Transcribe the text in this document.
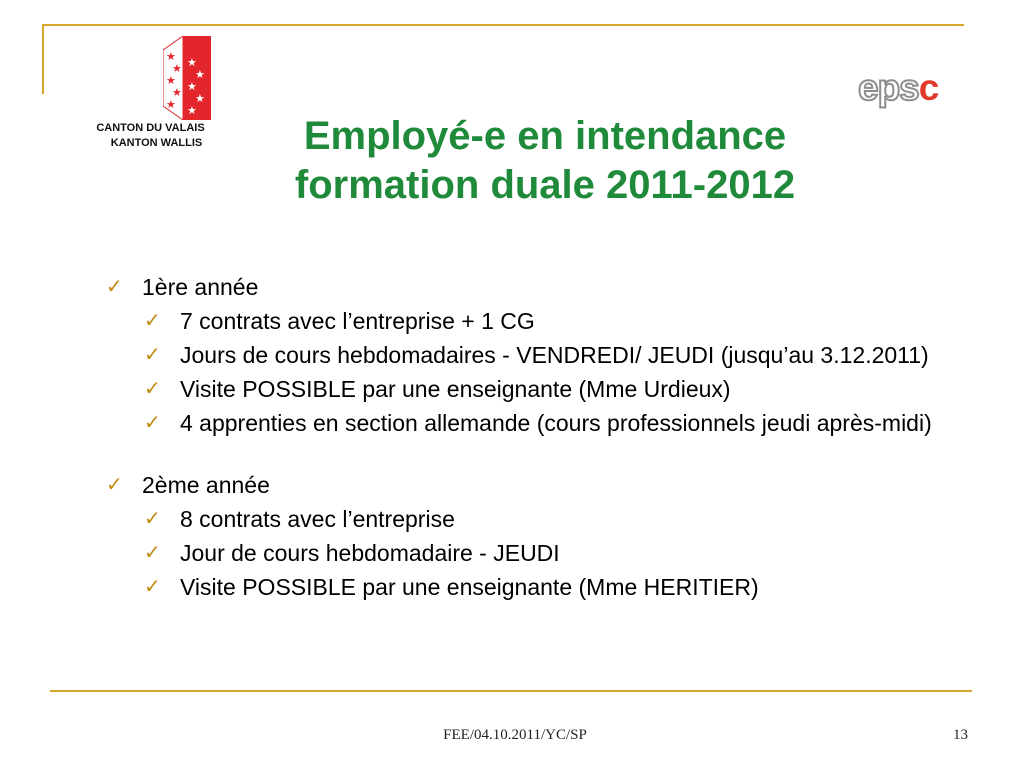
★
★
★
★
★
★
★
★
★
★
CANTON DU VALAIS
KANTON WALLIS
epsc
Employé-e en intendance
formation duale 2011-2012
✓ 1ère année
✓ 7 contrats avec l’entreprise + 1 CG
✓ Jours de cours hebdomadaires - VENDREDI/ JEUDI (jusqu’au 3.12.2011)
✓ Visite POSSIBLE par une enseignante (Mme Urdieux)
✓ 4 apprenties en section allemande (cours professionnels jeudi après-midi)
✓ 2ème année
✓ 8 contrats avec l’entreprise
✓ Jour de cours hebdomadaire - JEUDI
✓ Visite POSSIBLE par une enseignante (Mme HERITIER)
FEE/04.10.2011/YC/SP	13
